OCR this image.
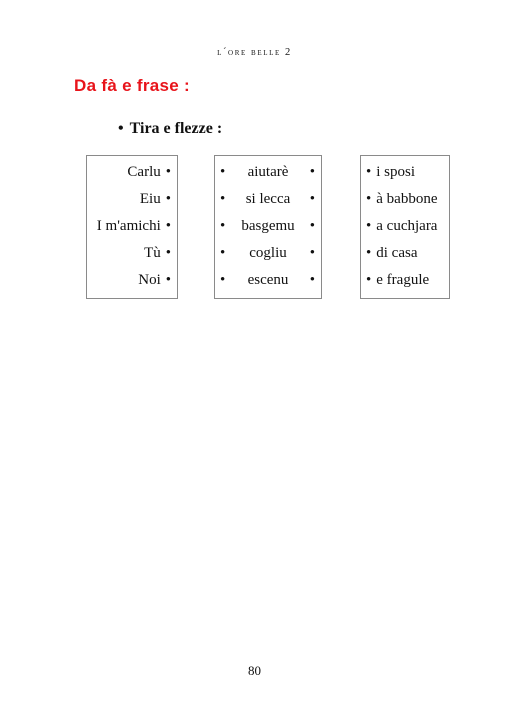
l´ore belle 2
Da fà e frase :
• Tira e flezze :
Carlu •
Eiu •
I m'amichi •
Tù •
Noi •
•	aiutarè	•
•	si lecca	•
•	basgemu	•
•	cogliu	•
•	escenu	•
• i sposi
• à babbone
• a cuchjara
• di casa
• e fragule
80
